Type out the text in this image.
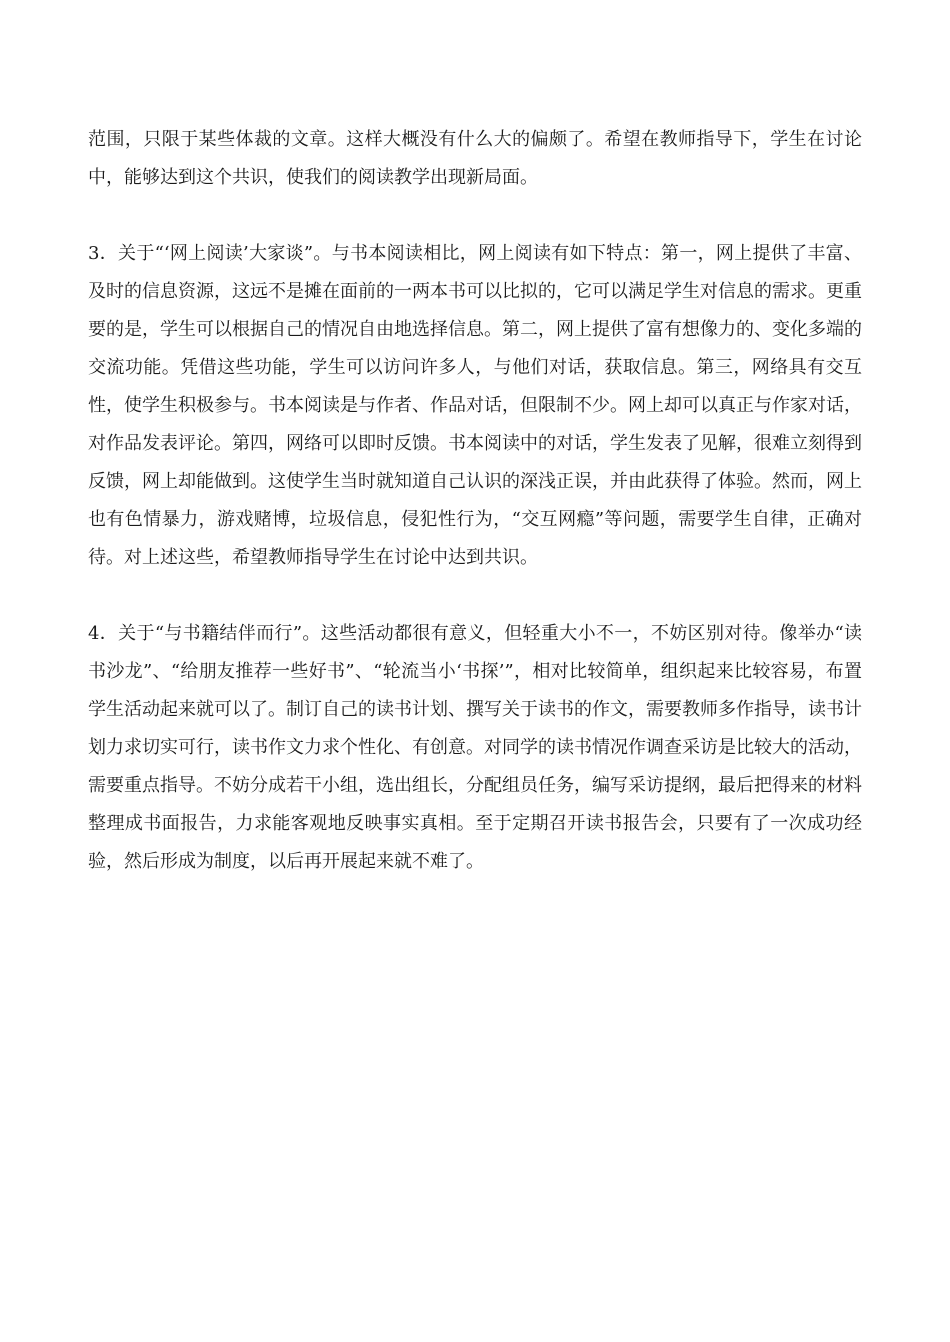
范围，只限于某些体裁的文章。这样大概没有什么大的偏颇了。希望在教师指导下，学生在讨论中，能够达到这个共识，使我们的阅读教学出现新局面。

3．关于“‘网上阅读’大家谈”。与书本阅读相比，网上阅读有如下特点：第一，网上提供了丰富、及时的信息资源，这远不是摊在面前的一两本书可以比拟的，它可以满足学生对信息的需求。更重要的是，学生可以根据自己的情况自由地选择信息。第二，网上提供了富有想像力的、变化多端的交流功能。凭借这些功能，学生可以访问许多人，与他们对话，获取信息。第三，网络具有交互性，使学生积极参与。书本阅读是与作者、作品对话，但限制不少。网上却可以真正与作家对话，对作品发表评论。第四，网络可以即时反馈。书本阅读中的对话，学生发表了见解，很难立刻得到反馈，网上却能做到。这使学生当时就知道自己认识的深浅正误，并由此获得了体验。然而，网上也有色情暴力，游戏赌博，垃圾信息，侵犯性行为，“交互网瘾”等问题，需要学生自律，正确对待。对上述这些，希望教师指导学生在讨论中达到共识。

4．关于“与书籍结伴而行”。这些活动都很有意义，但轻重大小不一，不妨区别对待。像举办“读书沙龙”、“给朋友推荐一些好书”、“轮流当小‘书探’”，相对比较简单，组织起来比较容易，布置学生活动起来就可以了。制订自己的读书计划、撰写关于读书的作文，需要教师多作指导，读书计划力求切实可行，读书作文力求个性化、有创意。对同学的读书情况作调查采访是比较大的活动，需要重点指导。不妨分成若干小组，选出组长，分配组员任务，编写采访提纲，最后把得来的材料整理成书面报告，力求能客观地反映事实真相。至于定期召开读书报告会，只要有了一次成功经验，然后形成为制度，以后再开展起来就不难了。
